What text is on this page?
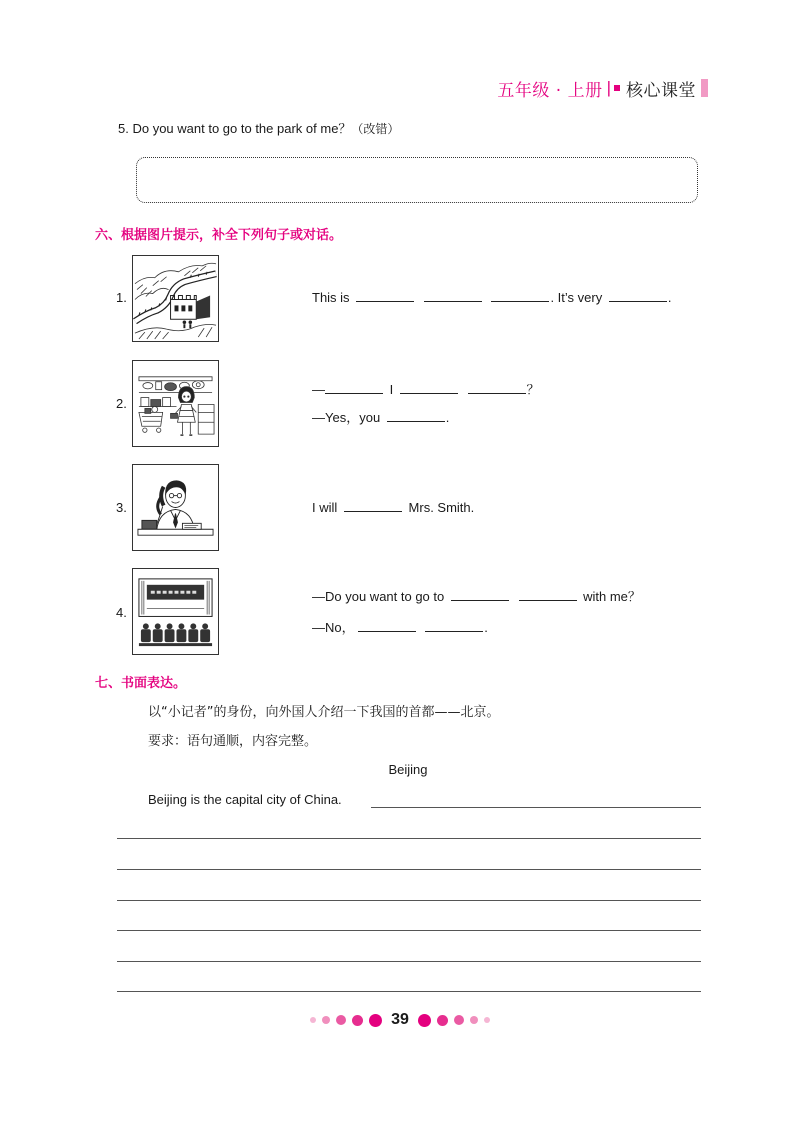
五年级 · 上册 | 核心课堂
5. Do you want to go to the park of me？（改错）
六、根据图片提示，补全下列句子或对话。
1.	This is	. It’s very	.
2.
—	I	？
—Yes，you	.
3.	I will	Mrs. Smith.
4.
—Do you want to go to	with me？
—No，	.
七、书面表达。
以“小记者”的身份，向外国人介绍一下我国的首都——北京。
要求：语句通顺，内容完整。
Beijing
Beijing is the capital city of China.
39
